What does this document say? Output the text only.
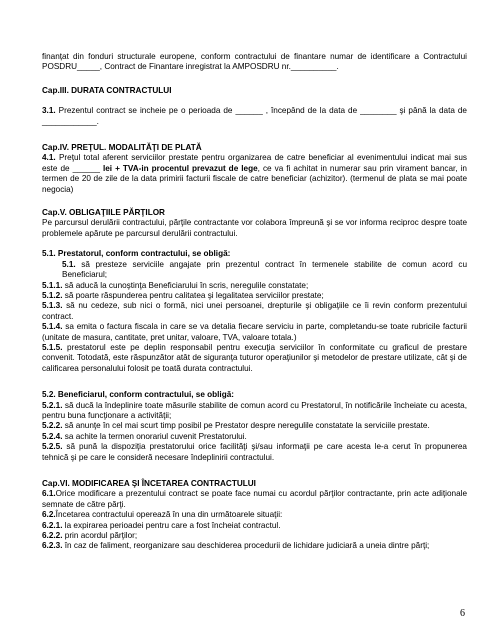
finanțat din fonduri structurale europene, conform contractului de finantare numar de identificare a Contractului POSDRU_____, Contract de Finantare inregistrat la AMPOSDRU nr.__________.

Cap.III. DURATA CONTRACTULUI

3.1. Prezentul contract se incheie pe o perioada de ______ , începând de la data de ________ şi până la data de ____________.

Cap.IV. PREŢUL. MODALITĂŢI DE PLATĂ

4.1. Preţul total aferent serviciilor prestate pentru organizarea de catre beneficiar al evenimentului indicat mai sus este de ______ lei + TVA-in procentul prevazut de lege, ce va fi achitat in numerar sau prin virament bancar, in termen de 20 de zile de la data primirii facturii fiscale de catre beneficiar (achizitor). (termenul de plata se mai poate negocia)

Cap.V. OBLIGAŢIILE PĂRŢILOR

Pe parcursul derulării contractului, părţile contractante vor colabora împreună şi se vor informa reciproc despre toate problemele apărute pe parcursul derulării contractului.

5.1. Prestatorul, conform contractului, se obligă:

5.1. să presteze serviciile angajate prin prezentul contract în termenele stabilite de comun acord cu Beneficiarul;

5.1.1. să aducă la cunoştinţa Beneficiarului în scris, neregulile constatate;

5.1.2. să poarte răspunderea pentru calitatea şi legalitatea serviciilor prestate;

5.1.3. să nu cedeze, sub nici o formă, nici unei persoanei, drepturile şi obligaţiile ce îi revin conform prezentului contract.

5.1.4. sa emita o factura fiscala in care se va detalia fiecare serviciu in parte, completandu-se toate rubricile facturii (unitate de masura, cantitate, pret unitar, valoare, TVA, valoare totala.)

5.1.5. prestatorul este pe deplin responsabil pentru execuţia serviciilor în conformitate cu graficul de prestare convenit. Totodată, este răspunzător atât de siguranţa tuturor operaţiunilor şi metodelor de prestare utilizate, cât şi de calificarea personalului folosit pe toată durata contractului.

5.2. Beneficiarul, conform contractului, se obligă:

5.2.1. să ducă la îndeplinire toate măsurile stabilite de comun acord cu Prestatorul, în notificările încheiate cu acesta, pentru buna funcţionare a activităţii;

5.2.2. să anunţe în cel mai scurt timp posibil pe Prestator despre neregulile constatate la serviciile prestate.

5.2.4. sa achite la termen onorariul cuvenit Prestatorului.

5.2.5. să pună la dispoziţia prestatorului orice facilităţi şi/sau informaţii pe care acesta le-a cerut în propunerea tehnică şi pe care le consideră necesare îndeplinirii contractului.

Cap.VI. MODIFICAREA ŞI ÎNCETAREA CONTRACTULUI

6.1.Orice modificare a prezentului contract se poate face numai cu acordul părţilor contractante, prin acte adiţionale semnate de către părţi.

6.2.Încetarea contractului operează în una din următoarele situaţii:

6.2.1. la expirarea perioadei pentru care a fost încheiat contractul.

6.2.2. prin acordul părţilor;

6.2.3. în caz de faliment, reorganizare sau deschiderea procedurii de lichidare judiciară a uneia dintre părţi;

6
